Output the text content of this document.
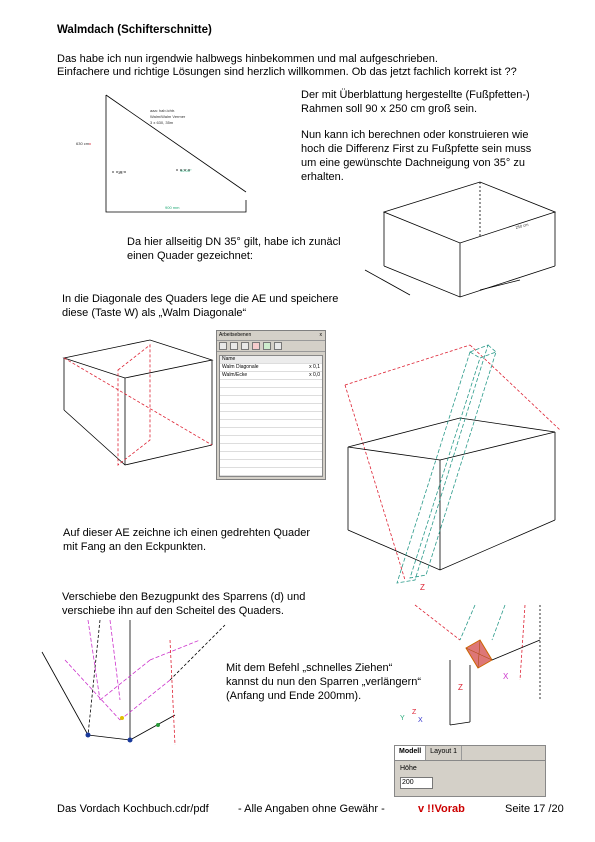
Walmdach (Schifterschnitte)
Das habe ich nun irgendwie halbwegs hinbekommen und mal aufgeschrieben.
Einfachere und richtige Lösungen sind herzlich willkommen. Ob das jetzt fachlich korrekt ist ??
aaa: hab.ichtr.
Walm/Walm Vermer
3 x 630, 35m
630 cm
900 mm
35°	90.00°
Der mit Überblattung hergestellte (Fußpfetten-)
Rahmen soll 90 x 250 cm groß sein.
Nun kann ich berechnen oder konstruieren wie
hoch die Differenz First zu Fußpfette sein muss
um eine gewünschte Dachneigung von 35° zu
erhalten.
250 cm
Da hier allseitig DN 35° gilt, habe ich zunäcl
einen Quader gezeichnet:
In die Diagonale des Quaders lege die AE und speichere
diese (Taste W) als „Walm Diagonale“
Arbeitsebenen	x
Name
Walm Diagonale	x 0,1
Walm/Ecke	x 0,0
Z
Auf dieser AE zeichne ich einen gedrehten Quader
mit Fang an den Eckpunkten.
Verschiebe den Bezugpunkt des Sparrens (d) und
verschiebe ihn auf den Scheitel des Quaders.
Z
X
Y
Z
X
Mit dem Befehl „schnelles Ziehen“
kannst du nun den Sparren „verlängern“
(Anfang und Ende 200mm).
Modell	Layout 1
Höhe
200
Das Vordach Kochbuch.cdr/pdf	- Alle Angaben ohne Gewähr -	v !!Vorab	Seite 17 /20
